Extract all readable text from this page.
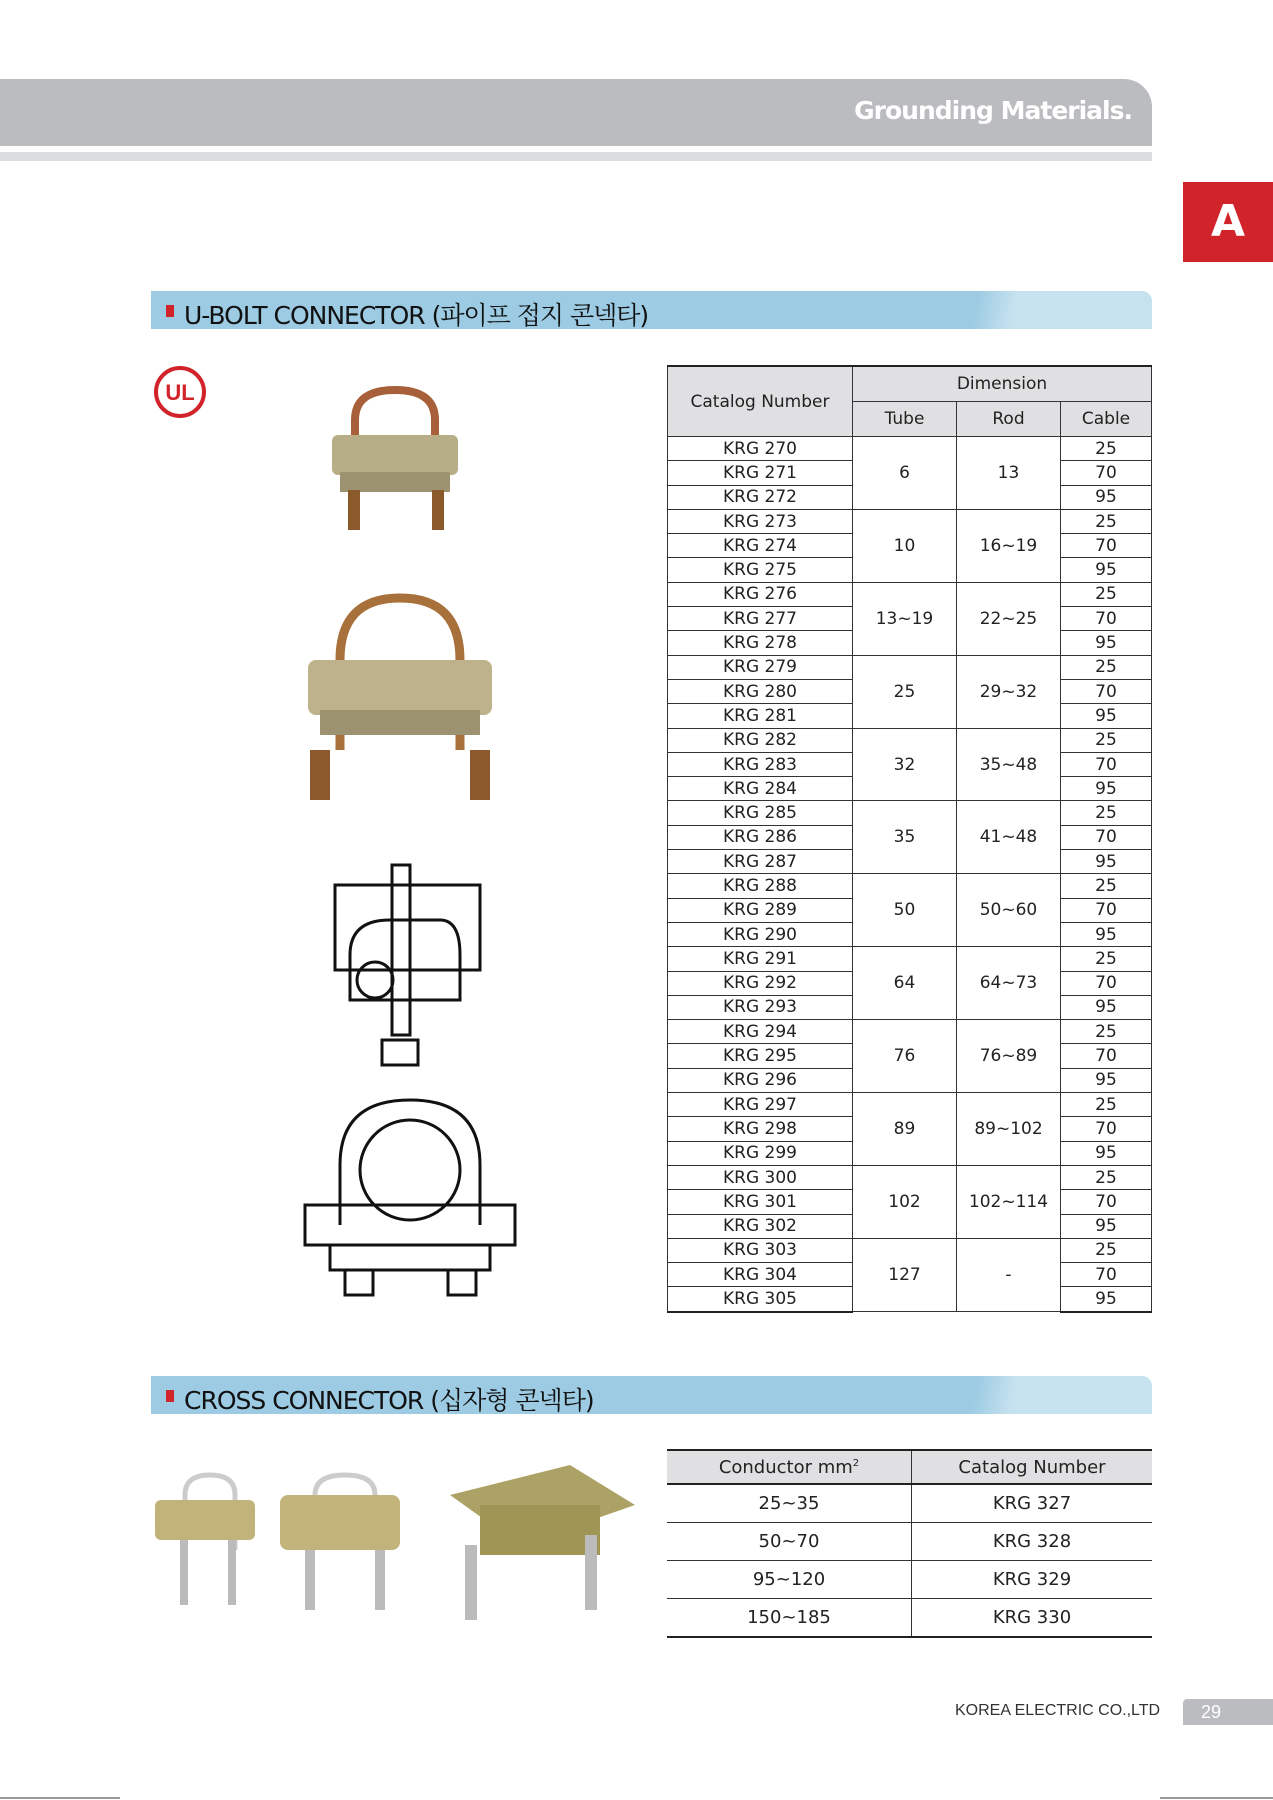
Grounding Materials.
A
U-BOLT CONNECTOR (파이프 접지 콘넥타)
CROSS CONNECTOR (십자형 콘넥타)
UL	Catalog Number	Dimension		
	Tube	Rod	Cable
KRG 270	6	13	25
KRG 271			70
KRG 272			95
KRG 273	10	16~19	25
KRG 274			70
KRG 275			95
KRG 276	13~19	22~25	25
KRG 277			70
KRG 278			95
KRG 279	25	29~32	25
KRG 280			70
KRG 281			95
KRG 282	32	35~48	25
KRG 283			70
KRG 284			95
KRG 285	35	41~48	25
KRG 286			70
KRG 287			95
KRG 288	50	50~60	25
KRG 289			70
KRG 290			95
KRG 291	64	64~73	25
KRG 292			70
KRG 293			95
KRG 294	76	76~89	25
KRG 295			70
KRG 296			95
KRG 297	89	89~102	25
KRG 298			70
KRG 299			95
KRG 300	102	102~114	25
KRG 301			70
KRG 302			95
KRG 303	127	-	25
KRG 304			70
KRG 305			95
Conductor $mm^2$	Catalog Number
25~35	KRG 327
50~70	KRG 328
95~120	KRG 329
150~185	KRG 330
KOREA ELECTRIC CO.,LTD	29
